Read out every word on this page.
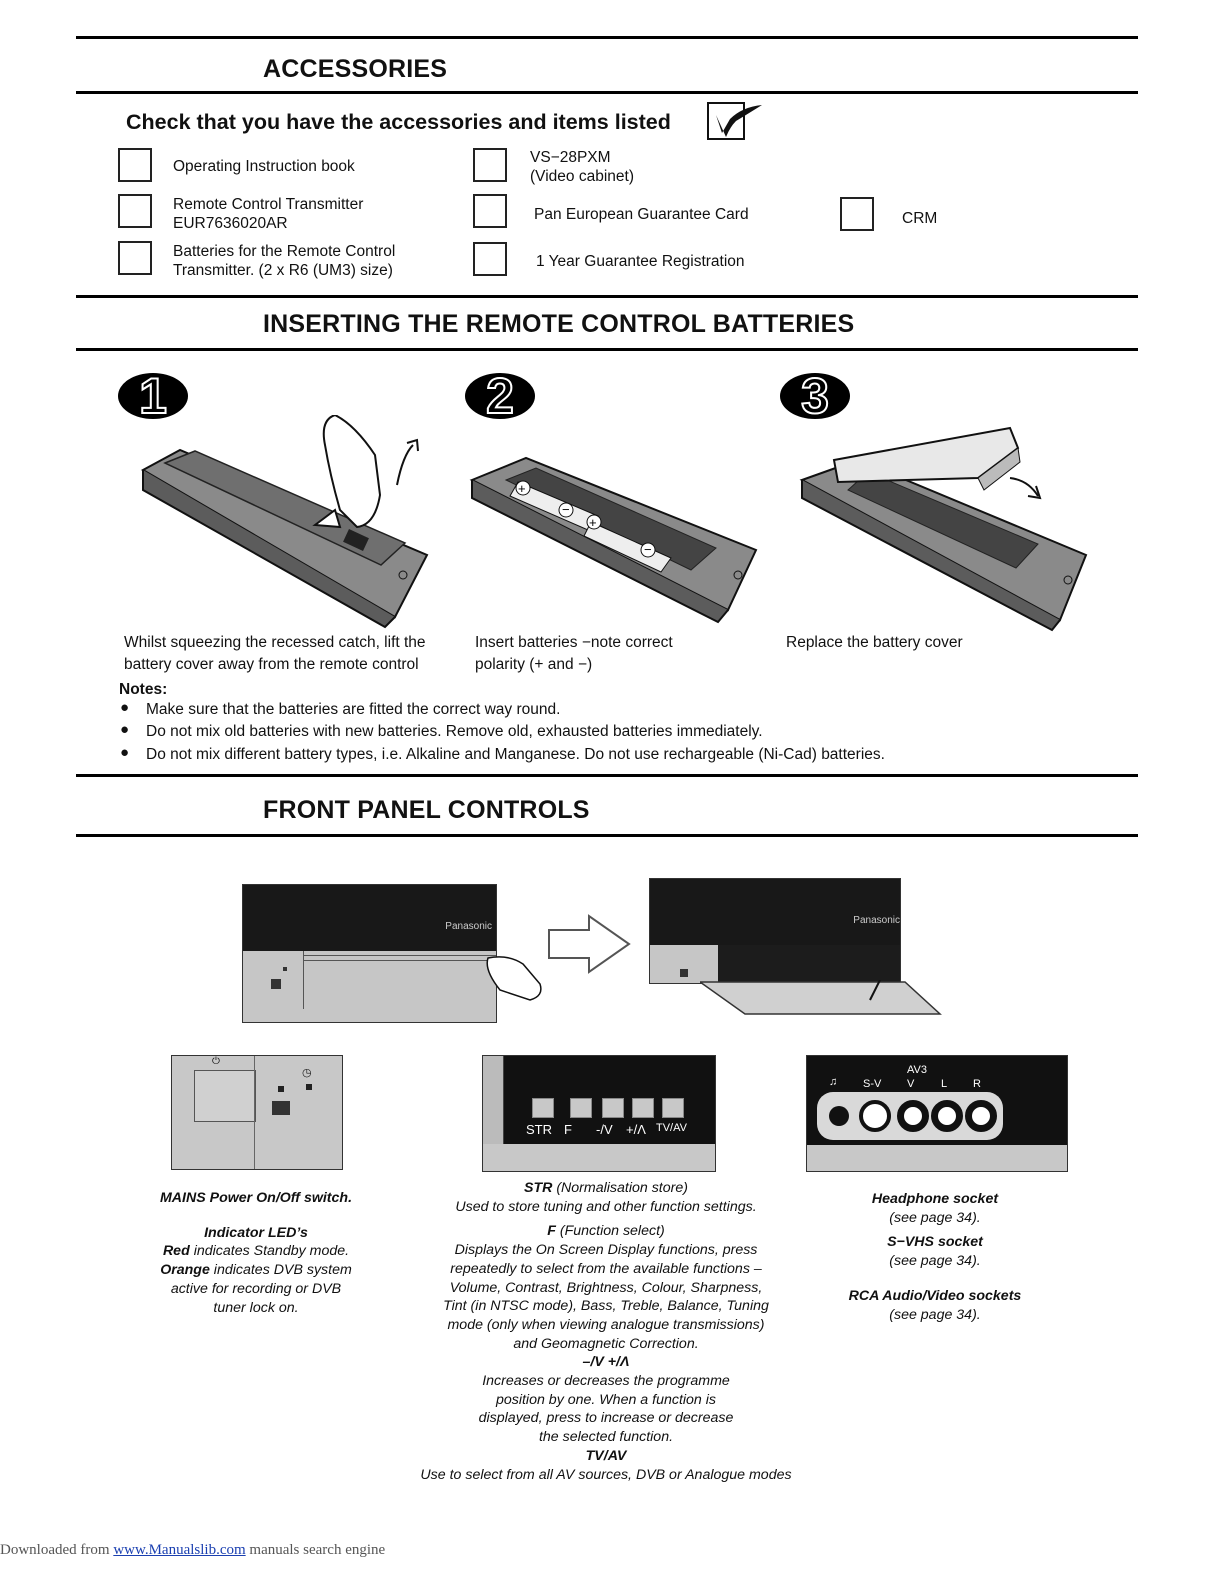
ACCESSORIES
Check that you have the accessories and items listed
Operating Instruction book
Remote Control Transmitter
EUR7636020AR
Batteries for the Remote Control
Transmitter. (2 x R6 (UM3) size)
VS−28PXM
(Video cabinet)
Pan European Guarantee Card
1 Year Guarantee Registration
CRM
INSERTING THE REMOTE CONTROL BATTERIES
1	2	3
+
−
+
−
Whilst squeezing the recessed catch, lift the
battery cover away from the remote control
Insert batteries −note correct
polarity (+ and −)
Replace the battery cover
Notes:
● Make sure that the batteries are fitted the correct way round.
● Do not mix old batteries with new batteries. Remove old, exhausted batteries immediately.
● Do not mix different battery types, i.e. Alkaline and Manganese. Do not use rechargeable (Ni-Cad) batteries.
FRONT PANEL CONTROLS
Panasonic
Panasonic
⏻
◷
STR F -/V +/Λ TV/AV
AV3
S-V V L R
♫
MAINS Power On/Off switch.
Indicator LED’s
Red indicates Standby mode.
Orange indicates DVB system
active for recording or DVB
tuner lock on.
STR (Normalisation store)
Used to store tuning and other function settings.
F (Function select)
Displays the On Screen Display functions, press
repeatedly to select from the available functions –
Volume, Contrast, Brightness, Colour, Sharpness,
Tint (in NTSC mode), Bass, Treble, Balance, Tuning
mode (only when viewing analogue transmissions)
and Geomagnetic Correction.
–/V +/Λ
Increases or decreases the programme
position by one. When a function is
displayed, press to increase or decrease
the selected function.
TV/AV
Use to select from all AV sources, DVB or Analogue modes
Headphone socket
(see page 34).
S−VHS socket
(see page 34).
RCA Audio/Video sockets
(see page 34).
Downloaded from www.Manualslib.com manuals search engine
